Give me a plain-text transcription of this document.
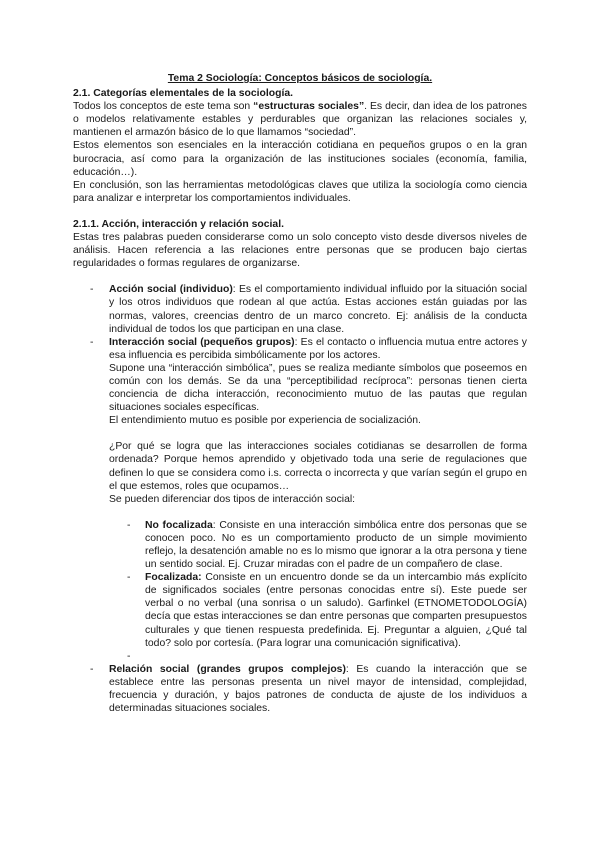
Tema 2 Sociología: Conceptos básicos de sociología.

2.1. Categorías elementales de la sociología.

Todos los conceptos de este tema son “estructuras sociales”. Es decir, dan idea de los patrones o modelos relativamente estables y perdurables que organizan las relaciones sociales y, mantienen el armazón básico de lo que llamamos “sociedad”.

Estos elementos son esenciales en la interacción cotidiana en pequeños grupos o en la gran burocracia, así como para la organización de las instituciones sociales (economía, familia, educación…).

En conclusión, son las herramientas metodológicas claves que utiliza la sociología como ciencia para analizar e interpretar los comportamientos individuales.

2.1.1. Acción, interacción y relación social.

Estas tres palabras pueden considerarse como un solo concepto visto desde diversos niveles de análisis. Hacen referencia a las relaciones entre personas que se producen bajo ciertas regularidades o formas regulares de organizarse.

- Acción social (individuo): Es el comportamiento individual influido por la situación social y los otros individuos que rodean al que actúa. Estas acciones están guiadas por las normas, valores, creencias dentro de un marco concreto. Ej: análisis de la conducta individual de todos los que participan en una clase.
- Interacción social (pequeños grupos): Es el contacto o influencia mutua entre actores y esa influencia es percibida simbólicamente por los actores.
Supone una “interacción simbólica”, pues se realiza mediante símbolos que poseemos en común con los demás. Se da una “perceptibilidad recíproca”: personas tienen cierta conciencia de dicha interacción, reconocimiento mutuo de las pautas que regulan situaciones sociales específicas.
El entendimiento mutuo es posible por experiencia de socialización.

¿Por qué se logra que las interacciones sociales cotidianas se desarrollen de forma ordenada? Porque hemos aprendido y objetivado toda una serie de regulaciones que definen lo que se considera como i.s. correcta o incorrecta y que varían según el grupo en el que estemos, roles que ocupamos…

Se pueden diferenciar dos tipos de interacción social:

- No focalizada: Consiste en una interacción simbólica entre dos personas que se conocen poco. No es un comportamiento producto de un simple movimiento reflejo, la desatención amable no es lo mismo que ignorar a la otra persona y tiene un sentido social. Ej. Cruzar miradas con el padre de un compañero de clase.
- Focalizada: Consiste en un encuentro donde se da un intercambio más explícito de significados sociales (entre personas conocidas entre sí). Este puede ser verbal o no verbal (una sonrisa o un saludo). Garfinkel (ETNOMETODOLOGÍA) decía que estas interacciones se dan entre personas que comparten presupuestos culturales y que tienen respuesta predefinida. Ej. Preguntar a alguien, ¿Qué tal todo? solo por cortesía. (Para lograr una comunicación significativa).
-
- Relación social (grandes grupos complejos): Es cuando la interacción que se establece entre las personas presenta un nivel mayor de intensidad, complejidad, frecuencia y duración, y bajos patrones de conducta de ajuste de los individuos a determinadas situaciones sociales.
